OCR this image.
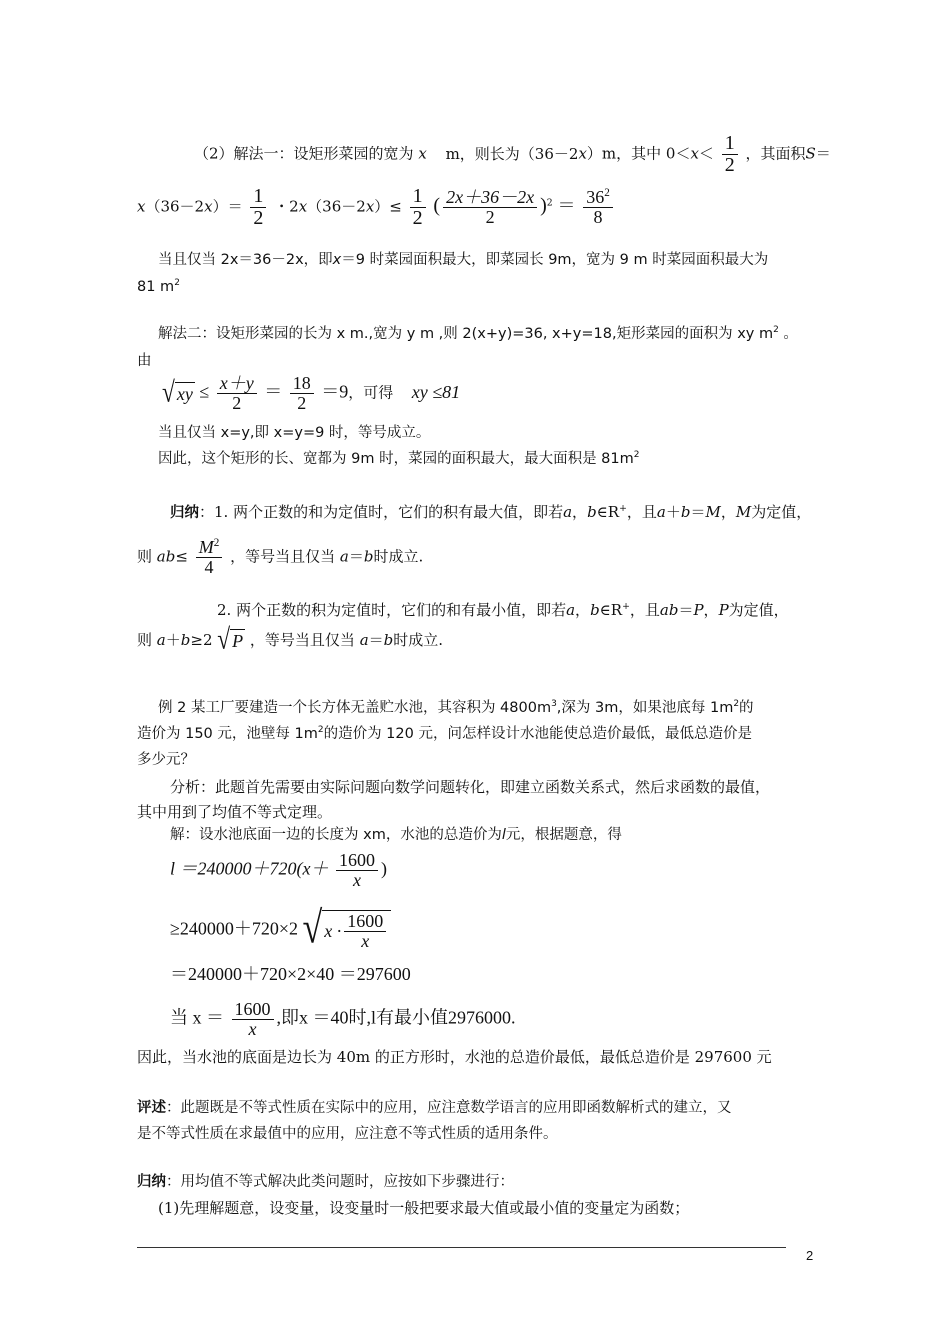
（2）解法一：设矩形菜园的宽为 x m，则长为（36－2x）m，其中 $0<x< \frac{1}{2}$ ，其面积S＝
$x(36-2x)= \frac{1}{2}$ ・$2x(36-2x)\le \frac{1}{2}$ ( $\frac{2x+36-2x}{2} )^2 = \frac{36^2}{8}$
当且仅当 2x＝36－2x，即x＝9 时菜园面积最大，即菜园长 9m，宽为 9 m 时菜园面积最大为
81 $m^2$
解法二：设矩形菜园的长为 x m.,宽为 y m ,则 2(x+y)=36, x+y=18,矩形菜园的面积为 xy $m^2$ 。
由
√ xy ≤ $\frac{x+y}{2} = \frac{18}{2} =9$，可得 xy ≤81
当且仅当 x=y,即 x=y=9 时，等号成立。
因此，这个矩形的长、宽都为 9m 时，菜园的面积最大，最大面积是 $81m^2$
归纳：1. 两个正数的和为定值时，它们的积有最大值，即若a，b∈R+，且a＋b＝M，M为定值，
则 $ab\le \frac{M^2}{4}$ ，等号当且仅当 a＝b时成立.
2. 两个正数的积为定值时，它们的和有最小值，即若a，b∈R+，且ab＝P，P为定值，
则 a＋b≥2 √ P ，等号当且仅当 a＝b时成立.
例 2 某工厂要建造一个长方体无盖贮水池，其容积为 $4800m^3$,深为 3m，如果池底每 $1m^2$的
造价为 150 元，池壁每 $1m^2$的造价为 120 元，问怎样设计水池能使总造价最低，最低总造价是
多少元？
分析：此题首先需要由实际问题向数学问题转化，即建立函数关系式，然后求函数的最值，
其中用到了均值不等式定理。
解：设水池底面一边的长度为 xm，水池的总造价为l元，根据题意，得
$l =240000+720(x+ \frac{1600}{x}$ )
≥240000＋720×2 √ $x \cdot \frac{1600}{x}$
＝240000＋720×2×40 ＝297600
当 $x = \frac{1600}{x}$ ,即x ＝40时,l有最小值2976000.
因此，当水池的底面是边长为 40m 的正方形时，水池的总造价最低，最低总造价是 297600 元
评述：此题既是不等式性质在实际中的应用，应注意数学语言的应用即函数解析式的建立，又
是不等式性质在求最值中的应用，应注意不等式性质的适用条件。
归纳：用均值不等式解决此类问题时，应按如下步骤进行：
(1)先理解题意，设变量，设变量时一般把要求最大值或最小值的变量定为函数；
2
